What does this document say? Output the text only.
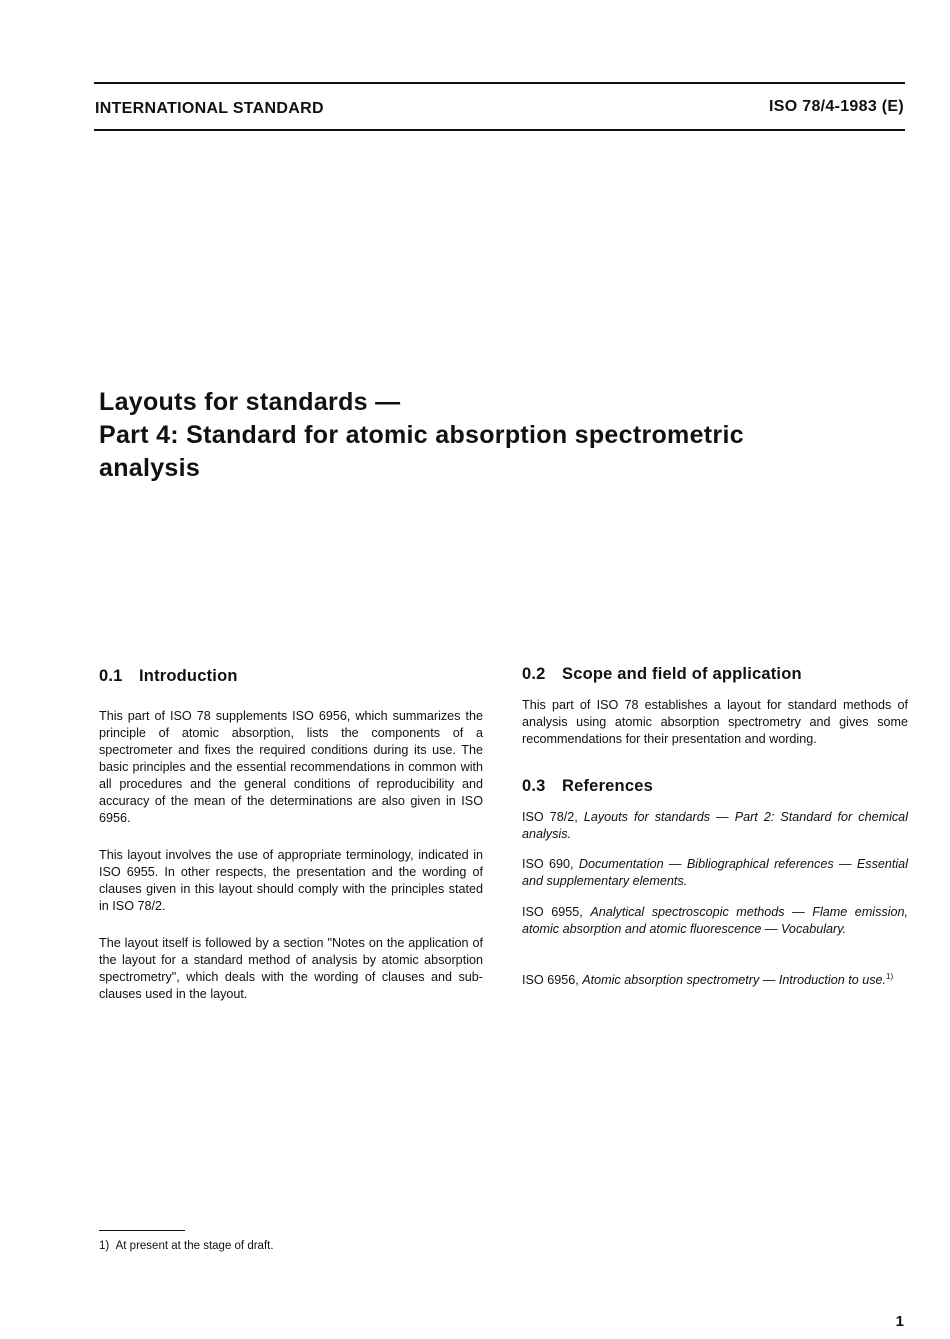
INTERNATIONAL STANDARD	ISO 78/4-1983 (E)
Layouts for standards —
Part 4: Standard for atomic absorption spectrometric
analysis
0.1 Introduction

This part of ISO 78 supplements ISO 6956, which summarizes the principle of atomic absorption, lists the components of a spectrometer and fixes the required conditions during its use. The basic principles and the essential recommendations in common with all procedures and the general conditions of reproducibility and accuracy of the mean of the determinations are also given in ISO 6956.

This layout involves the use of appropriate terminology, indicated in ISO 6955. In other respects, the presentation and the wording of clauses given in this layout should comply with the principles stated in ISO 78/2.

The layout itself is followed by a section "Notes on the application of the layout for a standard method of analysis by atomic absorption spectrometry", which deals with the wording of clauses and sub-clauses used in the layout.

0.2 Scope and field of application

This part of ISO 78 establishes a layout for standard methods of analysis using atomic absorption spectrometry and gives some recommendations for their presentation and wording.

0.3 References
ISO 78/2, Layouts for standards — Part 2: Standard for chemical analysis.
ISO 690, Documentation — Bibliographical references — Essential and supplementary elements.
ISO 6955, Analytical spectroscopic methods — Flame emission, atomic absorption and atomic fluorescence — Vocabulary.
ISO 6956, Atomic absorption spectrometry — Introduction to use.$^{1)}$
1) At present at the stage of draft.
1
